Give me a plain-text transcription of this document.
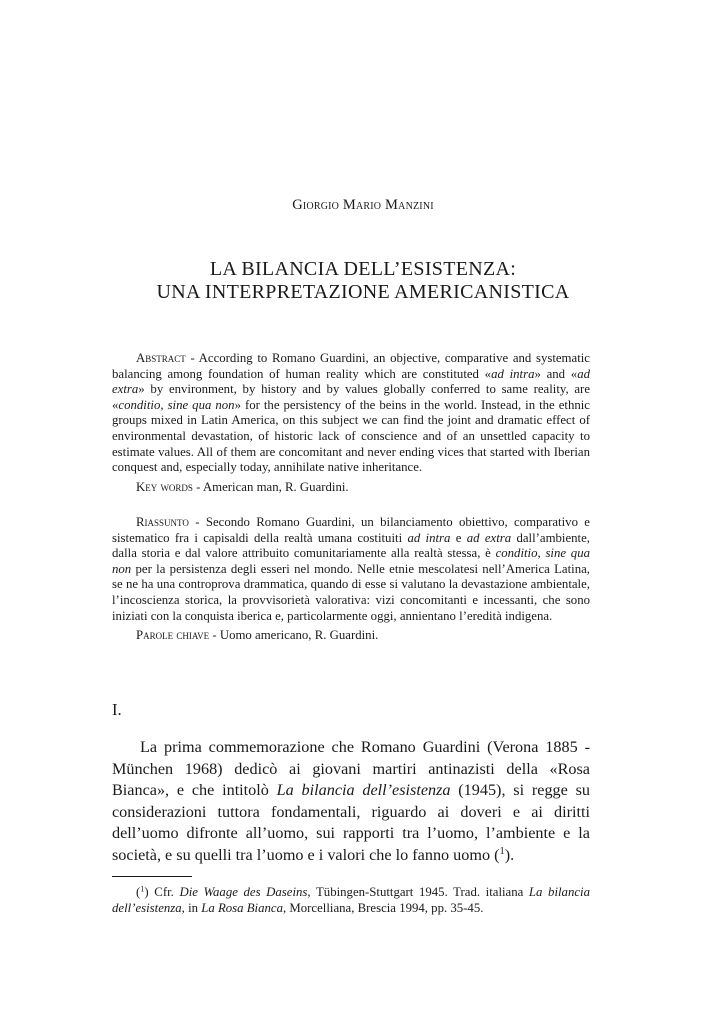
Giorgio Mario Manzini
LA BILANCIA DELL’ESISTENZA:
UNA INTERPRETAZIONE AMERICANISTICA

Abstract - According to Romano Guardini, an objective, comparative and systematic balancing among foundation of human reality which are constituted «ad intra» and «ad extra» by environment, by history and by values globally conferred to same reality, are «conditio, sine qua non» for the persistency of the beins in the world. Instead, in the ethnic groups mixed in Latin America, on this subject we can find the joint and dramatic effect of environmental devastation, of historic lack of conscience and of an unsettled capacity to estimate values. All of them are concomitant and never ending vices that started with Iberian conquest and, especially today, annihilate native inheritance.

Key words - American man, R. Guardini.

Riassunto - Secondo Romano Guardini, un bilanciamento obiettivo, comparativo e sistematico fra i capisaldi della realtà umana costituiti ad intra e ad extra dall’ambiente, dalla storia e dal valore attribuito comunitariamente alla realtà stessa, è conditio, sine qua non per la persistenza degli esseri nel mondo. Nelle etnie mescolatesi nell’America Latina, se ne ha una controprova drammatica, quando di esse si valutano la devastazione ambientale, l’incoscienza storica, la provvisorietà valorativa: vizi concomitanti e incessanti, che sono iniziati con la conquista iberica e, particolarmente oggi, annientano l’eredità indigena.

Parole chiave - Uomo americano, R. Guardini.

I.

La prima commemorazione che Romano Guardini (Verona 1885 - München 1968) dedicò ai giovani martiri antinazisti della «Rosa Bianca», e che intitolò La bilancia dell’esistenza (1945), si regge su considerazioni tuttora fondamentali, riguardo ai doveri e ai diritti dell’uomo difronte all’uomo, sui rapporti tra l’uomo, l’ambiente e la società, e su quelli tra l’uomo e i valori che lo fanno uomo ($^1$).

($^1$) Cfr. Die Waage des Daseins, Tübingen-Stuttgart 1945. Trad. italiana La bilancia dell’esistenza, in La Rosa Bianca, Morcelliana, Brescia 1994, pp. 35-45.
